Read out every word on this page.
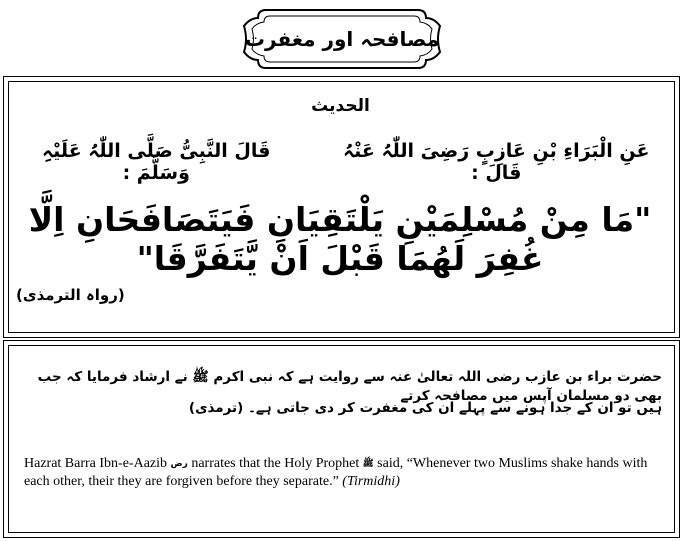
مصافحہ اور مغفرت
الحدیث
عَنِ الْبَرَاءِ بْنِ عَازِبٍ رَضِیَ اللّٰہُ عَنْہُ قَالَ :
قَالَ النَّبِیُّ صَلَّی اللّٰہُ عَلَیْہِ وَسَلَّمَ :
"مَا مِنْ مُسْلِمَیْنِ یَلْتَقِیَانِ فَیَتَصَافَحَانِ اِلَّا غُفِرَ لَھُمَا قَبْلَ اَنْ یَّتَفَرَّقَا"
(رواہ الترمذی)
حضرت براء بن عازب رضی اللہ تعالیٰ عنہ سے روایت ہے کہ نبی اکرم ﷺ نے ارشاد فرمایا کہ جب بھی دو مسلمان آپس میں مصافحہ کرتے
ہیں تو ان کے جدا ہونے سے پہلے ان کی مغفرت کر دی جاتی ہے۔ (ترمذی)
Hazrat Barra Ibn-e-Aazib رض narrates that the Holy Prophet ﷺ said, “Whenever two Muslims shake hands with each other, their they are forgiven before they separate.” (Tirmidhi)
